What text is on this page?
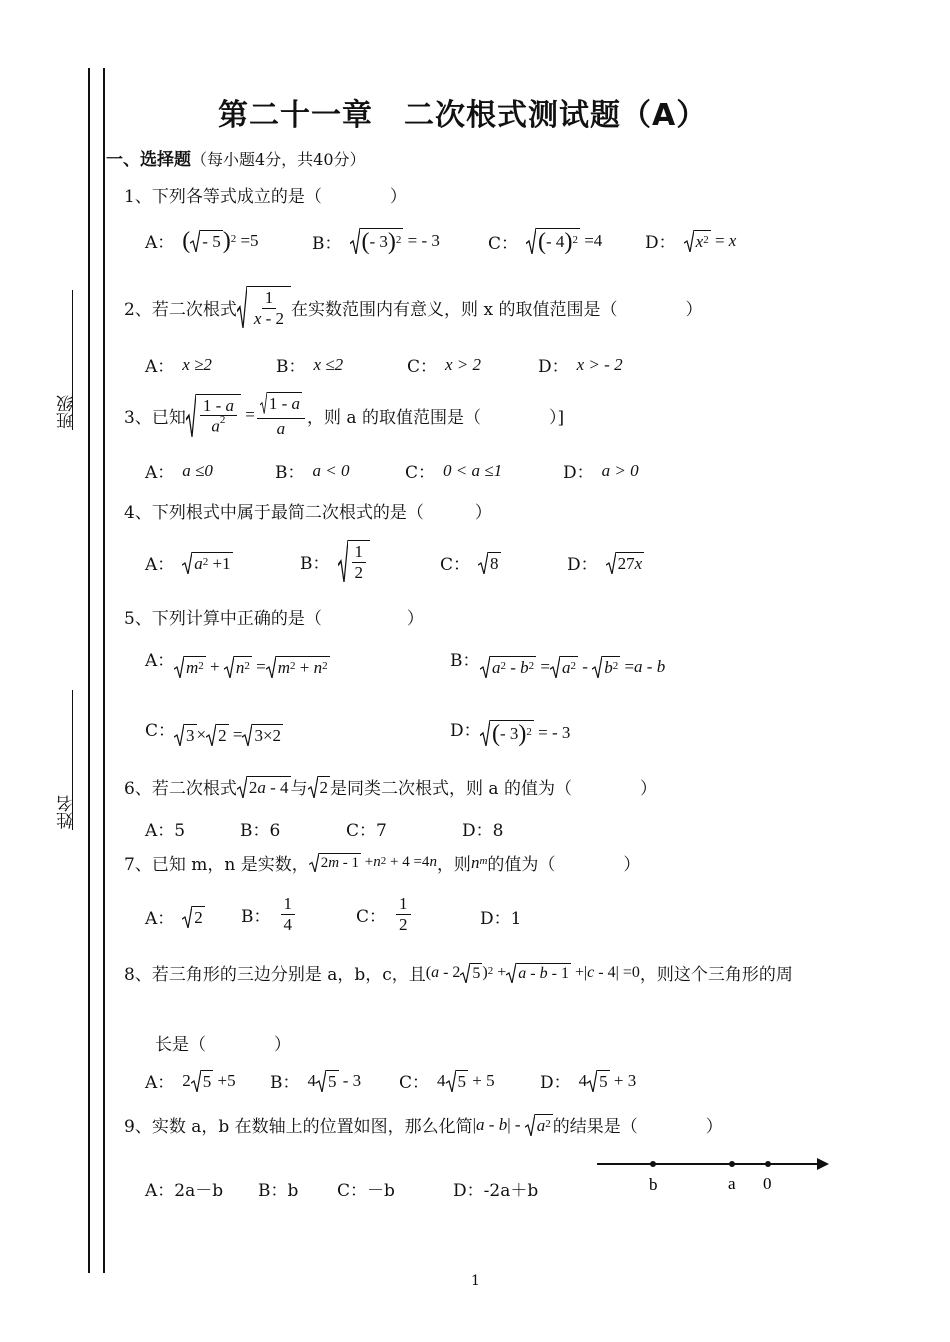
班级
姓名
第二十一章　二次根式测试题（A）
一、选择题（每小题4分，共40分）
1、下列各等式成立的是（　　　　）
A： ( - 5 ) 2 =5	B： ( - 3 ) 2 = - 3	C： ( - 4 ) 2 =4	D： x 2 = x
2、若二次根式 $\frac{1}{x - 2}$ 在实数范围内有意义，则 x 的取值范围是（　　　　）
A： x ≥2	B： x ≤2	C： x > 2	D： x > - 2
3、已知 $\frac{1 - a}{a^2} = \frac{1 - a}{a}$ ，则 a 的取值范围是（　　　　）]
A： a ≤0	B： a < 0	C： 0 < a ≤1	D： a > 0
4、下列根式中属于最简二次根式的是（　　　）
A： a 2 +1	B： $\frac{1}{2}$	C： 8	D： 27 x
5、下列计算中正确的是（　　　　　）
A： m 2 + n 2 = m 2 + n 2	B： a 2 - b 2 = a 2 - b 2 = a - b
C： 3 × 2 = 3×2	D： ( - 3 ) 2 = - 3
6、若二次根式 2 a - 4 与 2 是同类二次根式，则 a 的值为（　　　　）
A：5	B：6	C：7	D：8
7、已知 m，n 是实数， 2 m - 1 + n 2 + 4 =4 n ，则 n m 的值为（　　　　）
A： 2 B： $\frac{1}{4}$	C： $\frac{1}{2}$	D：1
8、若三角形的三边分别是 a，b，c，且 ( a - 2 5 ) 2 + a - b - 1 +| c - 4| =0 ，则这个三角形的周
长是（　　　　）
A： 2 5 +5 B： 4 5 - 3 C： 4 5 + 5	D： 4 5 + 3
9、实数 a，b 在数轴上的位置如图，那么化简 | a - b | - a 2 的结果是（　　　　）
A：2a－b B：b C：－b	D：-2a＋b	b	a 0
1
